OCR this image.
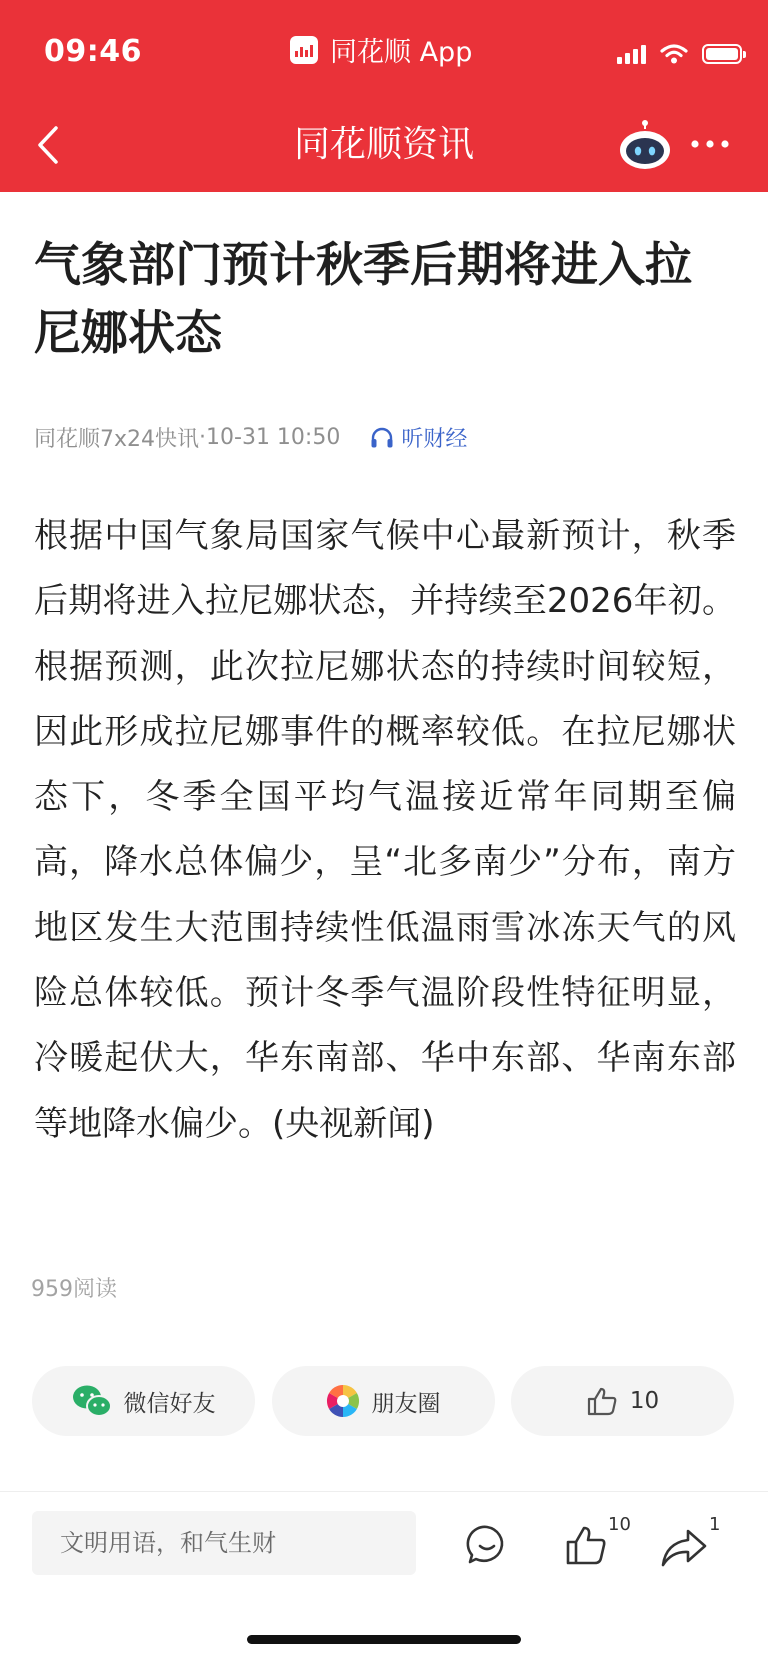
09:46	同花顺 App
同花顺资讯
气象部门预计秋季后期将进入拉尼娜状态
同花顺7x24快讯 · 10-31 10:50	听财经

根据中国气象局国家气候中心最新预计，秋季后期将进入拉尼娜状态，并持续至2026年初。根据预测，此次拉尼娜状态的持续时间较短，因此形成拉尼娜事件的概率较低。在拉尼娜状态下，冬季全国平均气温接近常年同期至偏高，降水总体偏少，呈“北多南少”分布，南方地区发生大范围持续性低温雨雪冰冻天气的风险总体较低。预计冬季气温阶段性特征明显，冷暖起伏大，华东南部、华中东部、华南东部等地降水偏少。(央视新闻)

959阅读
微信好友	朋友圈	10
文明用语，和气生财
10	1
